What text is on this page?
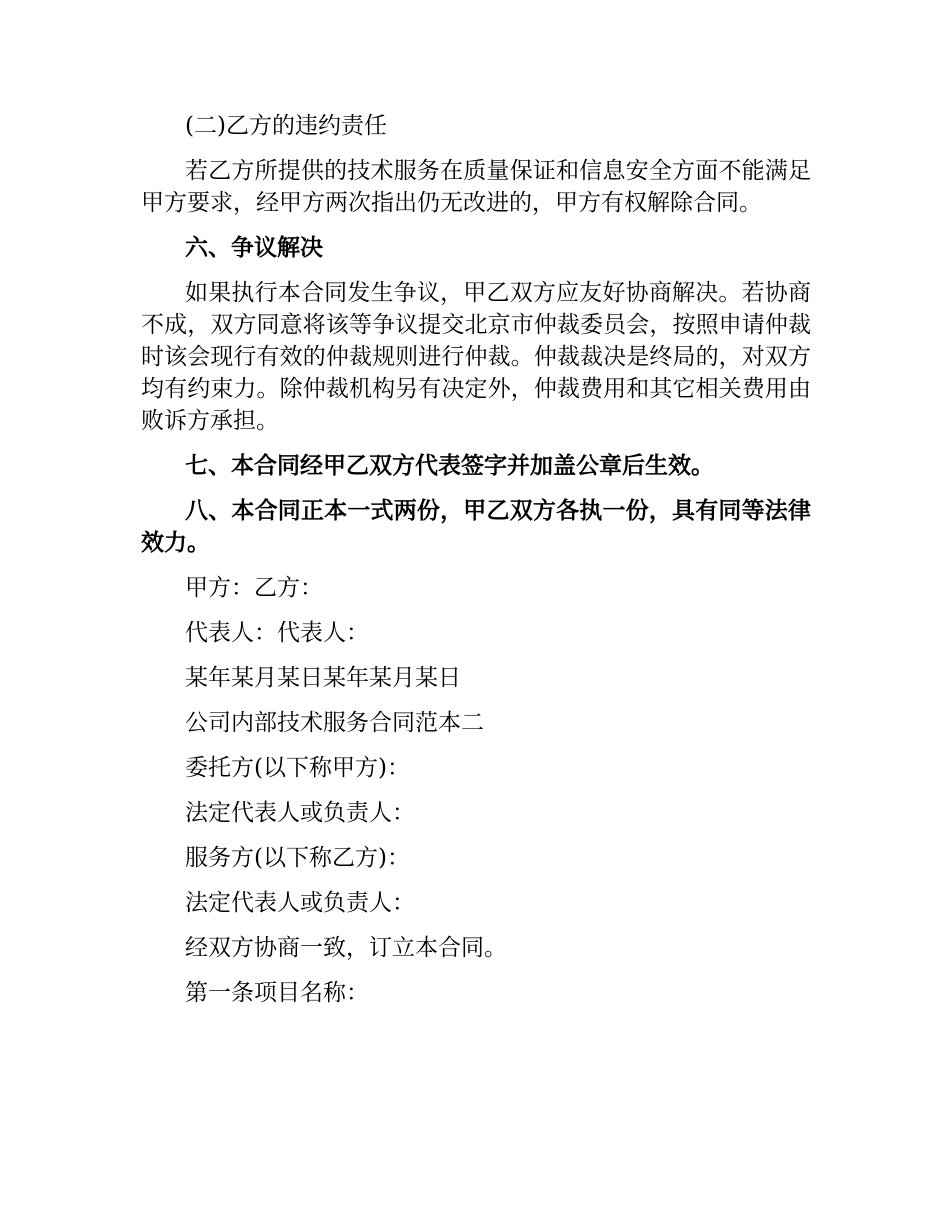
(二)乙方的违约责任

若乙方所提供的技术服务在质量保证和信息安全方面不能满足甲方要求，经甲方两次指出仍无改进的，甲方有权解除合同。

六、争议解决

如果执行本合同发生争议，甲乙双方应友好协商解决。若协商不成，双方同意将该等争议提交北京市仲裁委员会，按照申请仲裁时该会现行有效的仲裁规则进行仲裁。仲裁裁决是终局的，对双方均有约束力。除仲裁机构另有决定外，仲裁费用和其它相关费用由败诉方承担。

七、本合同经甲乙双方代表签字并加盖公章后生效。

八、本合同正本一式两份，甲乙双方各执一份，具有同等法律效力。

甲方：乙方：

代表人：代表人：

某年某月某日某年某月某日

公司内部技术服务合同范本二

委托方(以下称甲方)：

法定代表人或负责人：

服务方(以下称乙方)：

法定代表人或负责人：

经双方协商一致，订立本合同。

第一条项目名称：
